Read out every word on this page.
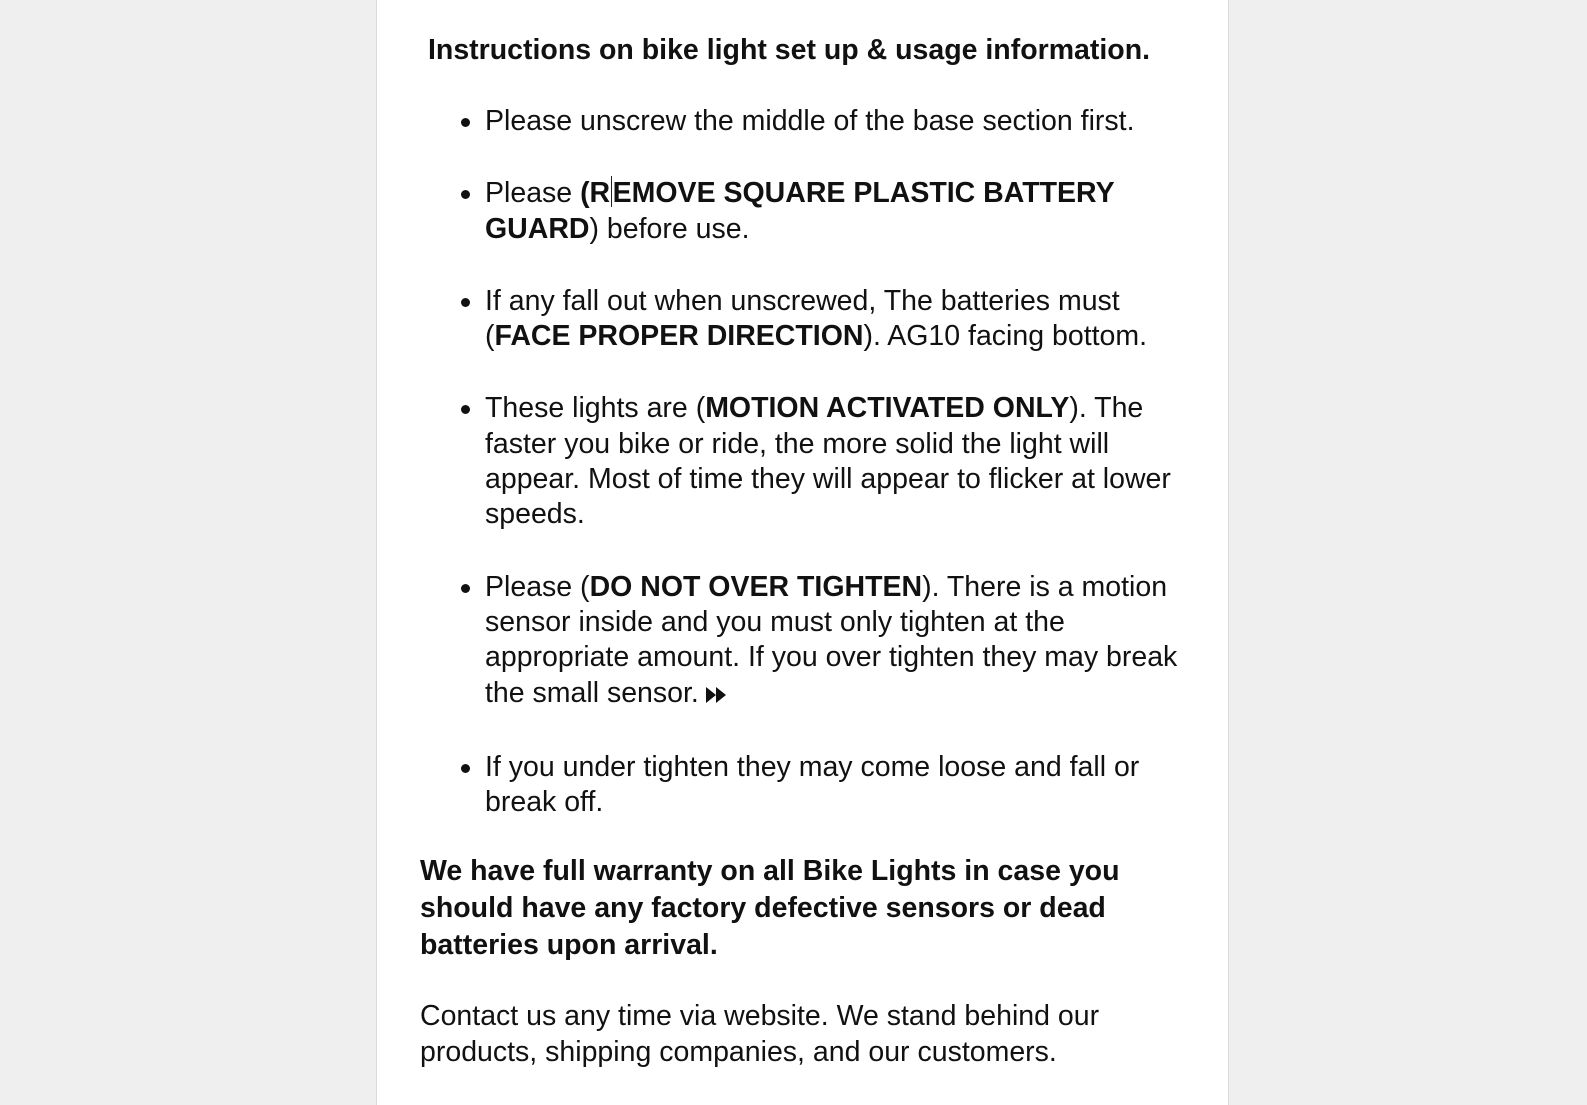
Instructions on bike light set up & usage information.
Please unscrew the middle of the base section first.
Please (REMOVE SQUARE PLASTIC BATTERY GUARD) before use.
If any fall out when unscrewed, The batteries must (FACE PROPER DIRECTION). AG10 facing bottom.
These lights are (MOTION ACTIVATED ONLY). The faster you bike or ride, the more solid the light will appear. Most of time they will appear to flicker at lower speeds.
Please (DO NOT OVER TIGHTEN). There is a motion sensor inside and you must only tighten at the appropriate amount. If you over tighten they may break the small sensor.
If you under tighten they may come loose and fall or break off.

We have full warranty on all Bike Lights in case you should have any factory defective sensors or dead batteries upon arrival.

Contact us any time via website. We stand behind our products, shipping companies, and our customers.
